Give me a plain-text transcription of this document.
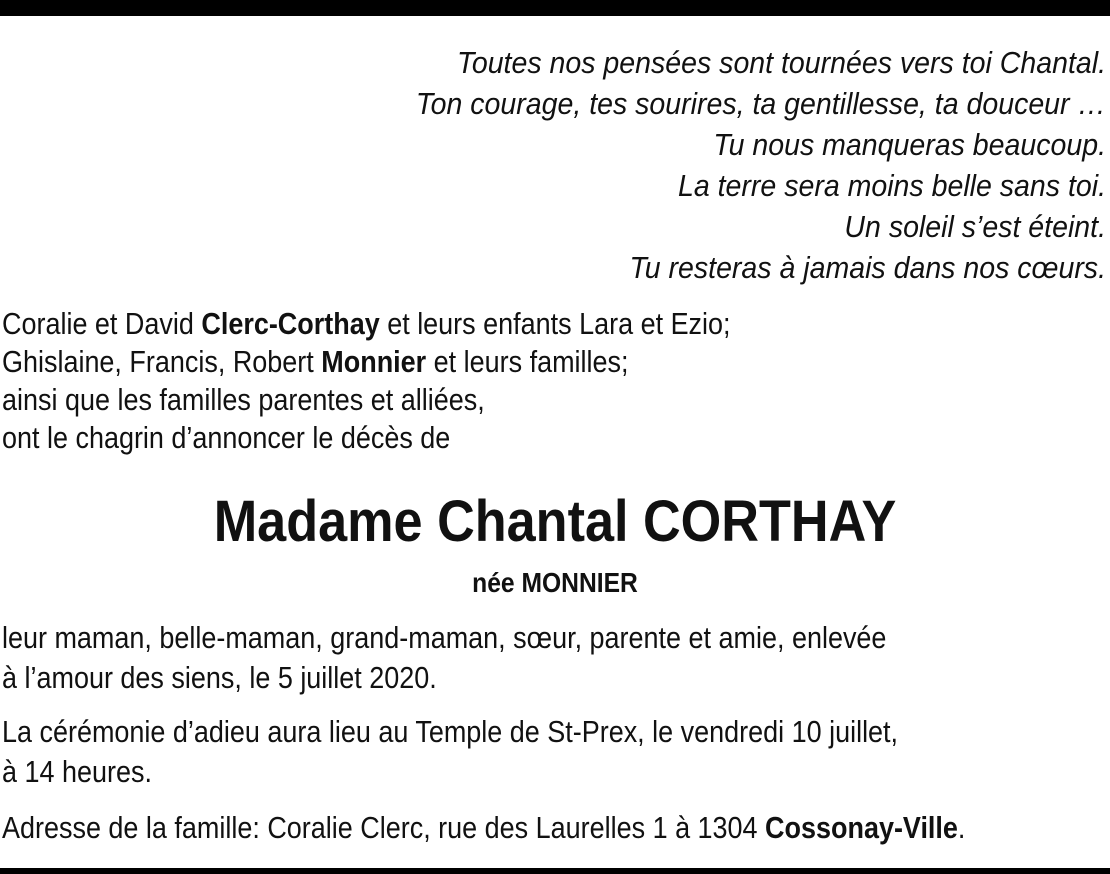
Toutes nos pensées sont tournées vers toi Chantal.
Ton courage, tes sourires, ta gentillesse, ta douceur …
Tu nous manqueras beaucoup.
La terre sera moins belle sans toi.
Un soleil s’est éteint.
Tu resteras à jamais dans nos cœurs.
Coralie et David Clerc-Corthay et leurs enfants Lara et Ezio;
Ghislaine, Francis, Robert Monnier et leurs familles;
ainsi que les familles parentes et alliées,
ont le chagrin d’annoncer le décès de
Madame Chantal CORTHAY
née MONNIER
leur maman, belle-maman, grand-maman, sœur, parente et amie, enlevée
à l’amour des siens, le 5 juillet 2020.
La cérémonie d’adieu aura lieu au Temple de St-Prex, le vendredi 10 juillet,
à 14 heures.
Adresse de la famille: Coralie Clerc, rue des Laurelles 1 à 1304 Cossonay-Ville.
